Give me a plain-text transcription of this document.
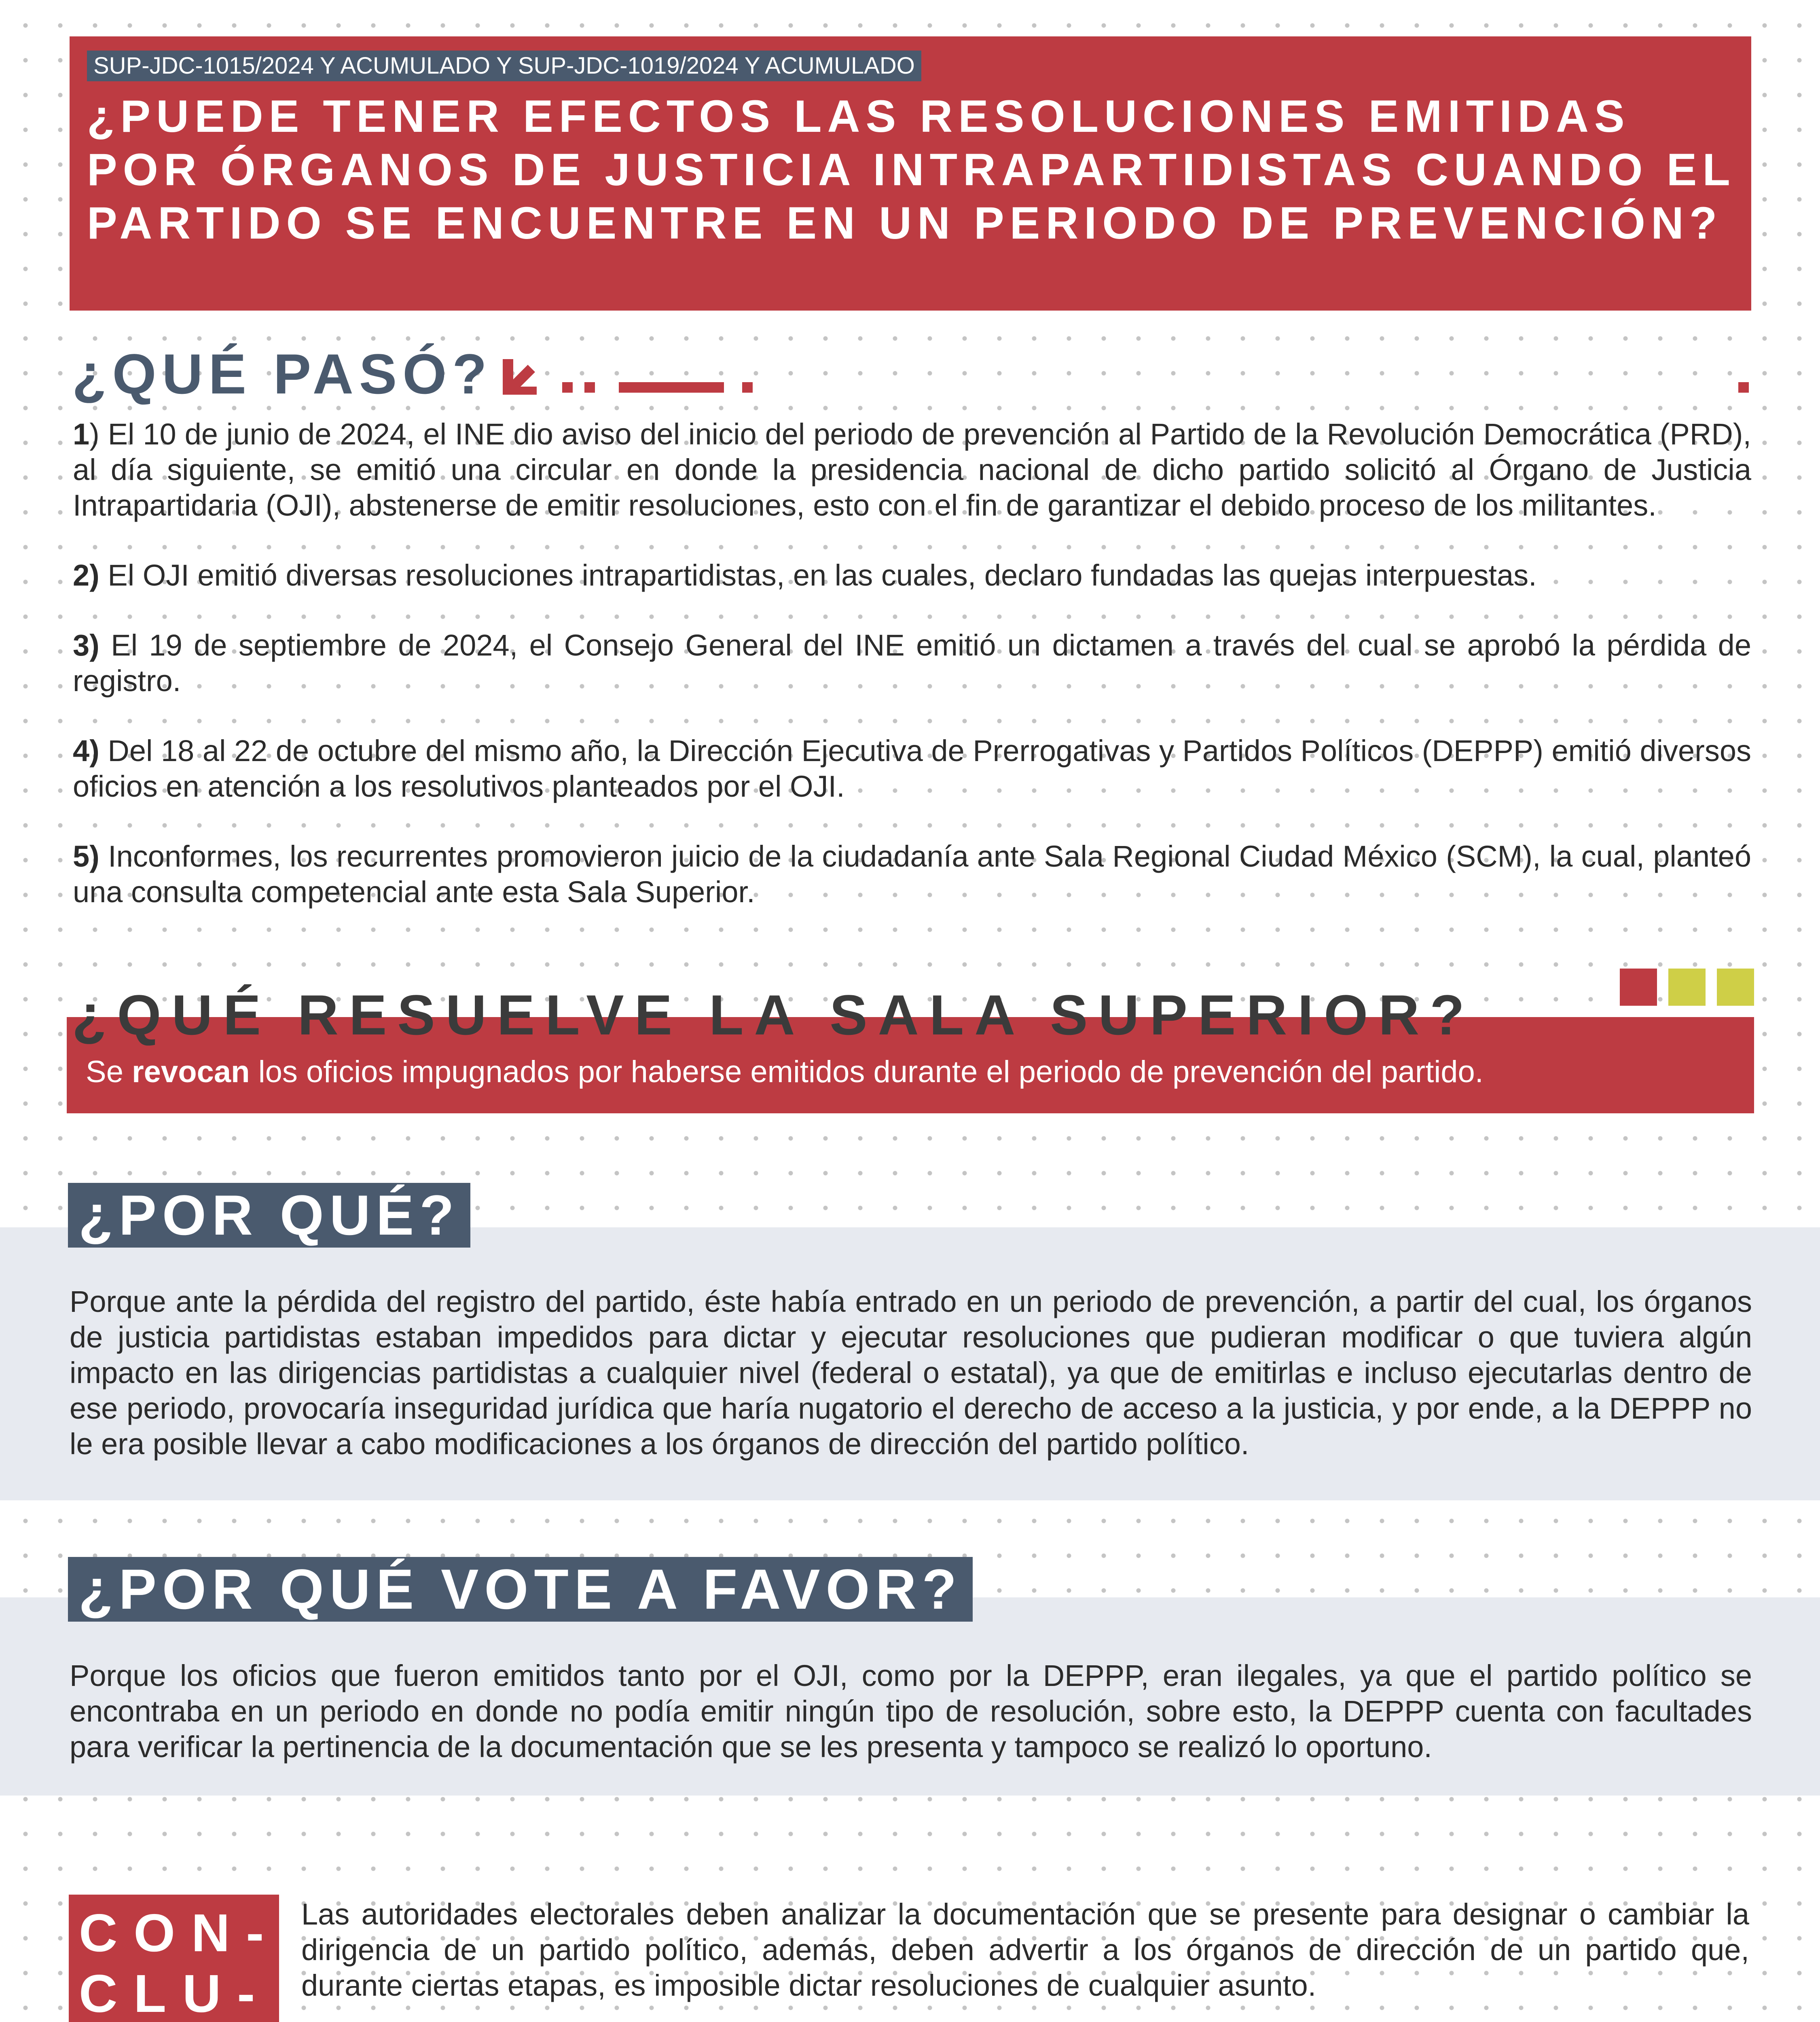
SUP-JDC-1015/2024 Y ACUMULADO Y SUP-JDC-1019/2024 Y ACUMULADO
¿PUEDE TENER EFECTOS LAS RESOLUCIONES EMITIDAS
POR ÓRGANOS DE JUSTICIA INTRAPARTIDISTAS CUANDO EL
PARTIDO SE ENCUENTRE EN UN PERIODO DE PREVENCIÓN?
¿QUÉ PASÓ?

1) El 10 de junio de 2024, el INE dio aviso del inicio del periodo de prevención al Partido de la Revolución Democrática (PRD), al día siguiente, se emitió una circular en donde la presidencia nacional de dicho partido solicitó al Órgano de Justicia Intrapartidaria (OJI), abstenerse de emitir resoluciones, esto con el fin de garantizar el debido proceso de los militantes.

2) El OJI emitió diversas resoluciones intrapartidistas, en las cuales, declaro fundadas las quejas interpuestas.

3) El 19 de septiembre de 2024, el Consejo General del INE emitió un dictamen a través del cual se aprobó la pérdida de registro.

4) Del 18 al 22 de octubre del mismo año, la Dirección Ejecutiva de Prerrogativas y Partidos Políticos (DEPPP) emitió diversos oficios en atención a los resolutivos planteados por el OJI.

5) Inconformes, los recurrentes promovieron juicio de la ciudadanía ante Sala Regional Ciudad México (SCM), la cual, planteó una consulta competencial ante esta Sala Superior.

¿QUÉ RESUELVE LA SALA SUPERIOR?
Se revocan los oficios impugnados por haberse emitidos durante el periodo de prevención del partido.
¿POR QUÉ?
Porque ante la pérdida del registro del partido, éste había entrado en un periodo de prevención, a partir del cual, los órganos de justicia partidistas estaban impedidos para dictar y ejecutar resoluciones que pudieran modificar o que tuviera algún impacto en las dirigencias partidistas a cualquier nivel (federal o estatal), ya que de emitirlas e incluso ejecutarlas dentro de ese periodo, provocaría inseguridad jurídica que haría nugatorio el derecho de acceso a la justicia, y por ende, a la DEPPP no le era posible llevar a cabo modificaciones a los órganos de dirección del partido político.
¿POR QUÉ VOTE A FAVOR?
Porque los oficios que fueron emitidos tanto por el OJI, como por la DEPPP, eran ilegales, ya que el partido político se encontraba en un periodo en donde no podía emitir ningún tipo de resolución, sobre esto, la DEPPP cuenta con facultades para verificar la pertinencia de la documentación que se les presenta y tampoco se realizó lo oportuno.
CON-
CLU-
Las autoridades electorales deben analizar la documentación que se presente para designar o cambiar la dirigencia de un partido político, además, deben advertir a los órganos de dirección de un partido que, durante ciertas etapas, es imposible dictar resoluciones de cualquier asunto.
